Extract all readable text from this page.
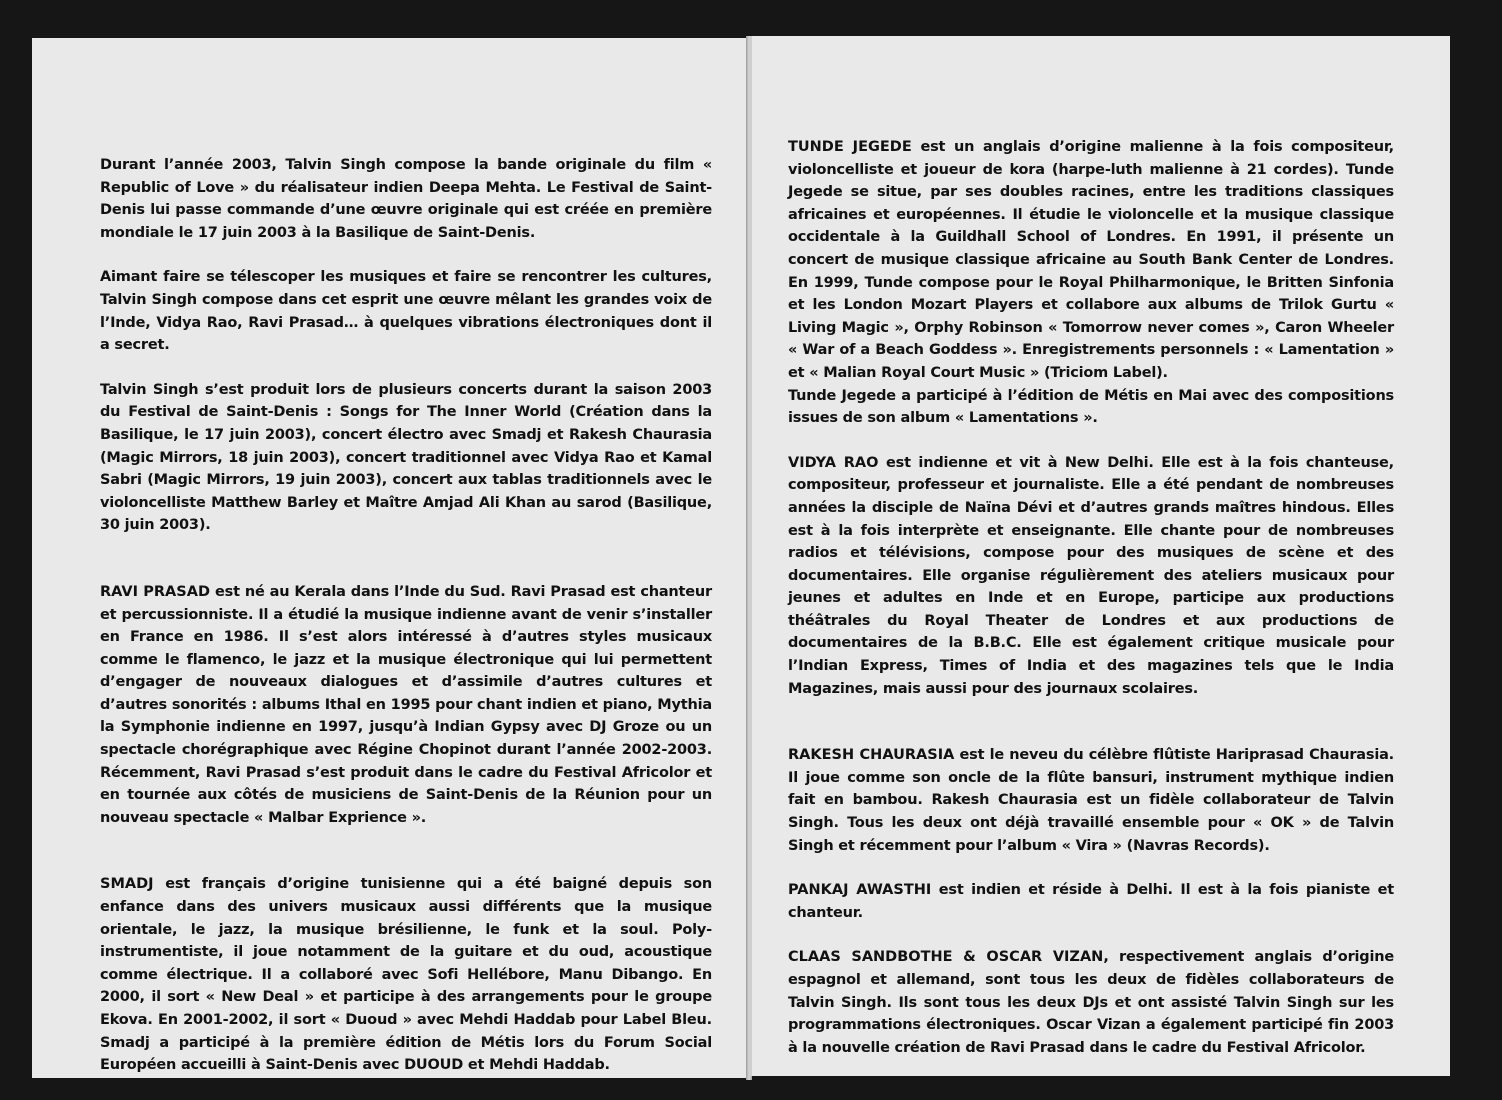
Durant l’année 2003, Talvin Singh compose la bande originale du film « Republic of Love » du réalisateur indien Deepa Mehta. Le Festival de Saint-Denis lui passe commande d’une œuvre originale qui est créée en première mondiale le 17 juin 2003 à la Basilique de Saint-Denis.

Aimant faire se télescoper les musiques et faire se rencontrer les cultures, Talvin Singh compose dans cet esprit une œuvre mêlant les grandes voix de l’Inde, Vidya Rao, Ravi Prasad… à quelques vibrations électroniques dont il a secret.

Talvin Singh s’est produit lors de plusieurs concerts durant la saison 2003 du Festival de Saint-Denis : Songs for The Inner World (Création dans la Basilique, le 17 juin 2003), concert électro avec Smadj et Rakesh Chaurasia (Magic Mirrors, 18 juin 2003), concert traditionnel avec Vidya Rao et Kamal Sabri (Magic Mirrors, 19 juin 2003), concert aux tablas traditionnels avec le violoncelliste Matthew Barley et Maître Amjad Ali Khan au sarod (Basilique, 30 juin 2003).

RAVI PRASAD est né au Kerala dans l’Inde du Sud. Ravi Prasad est chanteur et percussionniste. Il a étudié la musique indienne avant de venir s’installer en France en 1986. Il s’est alors intéressé à d’autres styles musicaux comme le flamenco, le jazz et la musique électronique qui lui permettent d’engager de nouveaux dialogues et d’assimile d’autres cultures et d’autres sonorités : albums Ithal en 1995 pour chant indien et piano, Mythia la Symphonie indienne en 1997, jusqu’à Indian Gypsy avec DJ Groze ou un spectacle chorégraphique avec Régine Chopinot durant l’année 2002-2003. Récemment, Ravi Prasad s’est produit dans le cadre du Festival Africolor et en tournée aux côtés de musiciens de Saint-Denis de la Réunion pour un nouveau spectacle « Malbar Exprience ».

SMADJ est français d’origine tunisienne qui a été baigné depuis son enfance dans des univers musicaux aussi différents que la musique orientale, le jazz, la musique brésilienne, le funk et la soul. Poly-instrumentiste, il joue notamment de la guitare et du oud, acoustique comme électrique. Il a collaboré avec Sofi Hellébore, Manu Dibango. En 2000, il sort « New Deal » et participe à des arrangements pour le groupe Ekova. En 2001-2002, il sort « Duoud » avec Mehdi Haddab pour Label Bleu. Smadj a participé à la première édition de Métis lors du Forum Social Européen accueilli à Saint-Denis avec DUOUD et Mehdi Haddab.

TUNDE JEGEDE est un anglais d’origine malienne à la fois compositeur, violoncelliste et joueur de kora (harpe-luth malienne à 21 cordes). Tunde Jegede se situe, par ses doubles racines, entre les traditions classiques africaines et européennes. Il étudie le violoncelle et la musique classique occidentale à la Guildhall School of Londres. En 1991, il présente un concert de musique classique africaine au South Bank Center de Londres. En 1999, Tunde compose pour le Royal Philharmonique, le Britten Sinfonia et les London Mozart Players et collabore aux albums de Trilok Gurtu « Living Magic », Orphy Robinson « Tomorrow never comes », Caron Wheeler « War of a Beach Goddess ». Enregistrements personnels : « Lamentation » et « Malian Royal Court Music » (Triciom Label).
Tunde Jegede a participé à l’édition de Métis en Mai avec des compositions issues de son album « Lamentations ».

VIDYA RAO est indienne et vit à New Delhi. Elle est à la fois chanteuse, compositeur, professeur et journaliste. Elle a été pendant de nombreuses années la disciple de Naïna Dévi et d’autres grands maîtres hindous. Elles est à la fois interprète et enseignante. Elle chante pour de nombreuses radios et télévisions, compose pour des musiques de scène et des documentaires. Elle organise régulièrement des ateliers musicaux pour jeunes et adultes en Inde et en Europe, participe aux productions théâtrales du Royal Theater de Londres et aux productions de documentaires de la B.B.C. Elle est également critique musicale pour l’Indian Express, Times of India et des magazines tels que le India Magazines, mais aussi pour des journaux scolaires.

RAKESH CHAURASIA est le neveu du célèbre flûtiste Hariprasad Chaurasia. Il joue comme son oncle de la flûte bansuri, instrument mythique indien fait en bambou. Rakesh Chaurasia est un fidèle collaborateur de Talvin Singh. Tous les deux ont déjà travaillé ensemble pour « OK » de Talvin Singh et récemment pour l’album « Vira » (Navras Records).

PANKAJ AWASTHI est indien et réside à Delhi. Il est à la fois pianiste et chanteur.

CLAAS SANDBOTHE & OSCAR VIZAN, respectivement anglais d’origine espagnol et allemand, sont tous les deux de fidèles collaborateurs de Talvin Singh. Ils sont tous les deux DJs et ont assisté Talvin Singh sur les programmations électroniques. Oscar Vizan a également participé fin 2003 à la nouvelle création de Ravi Prasad dans le cadre du Festival Africolor.
